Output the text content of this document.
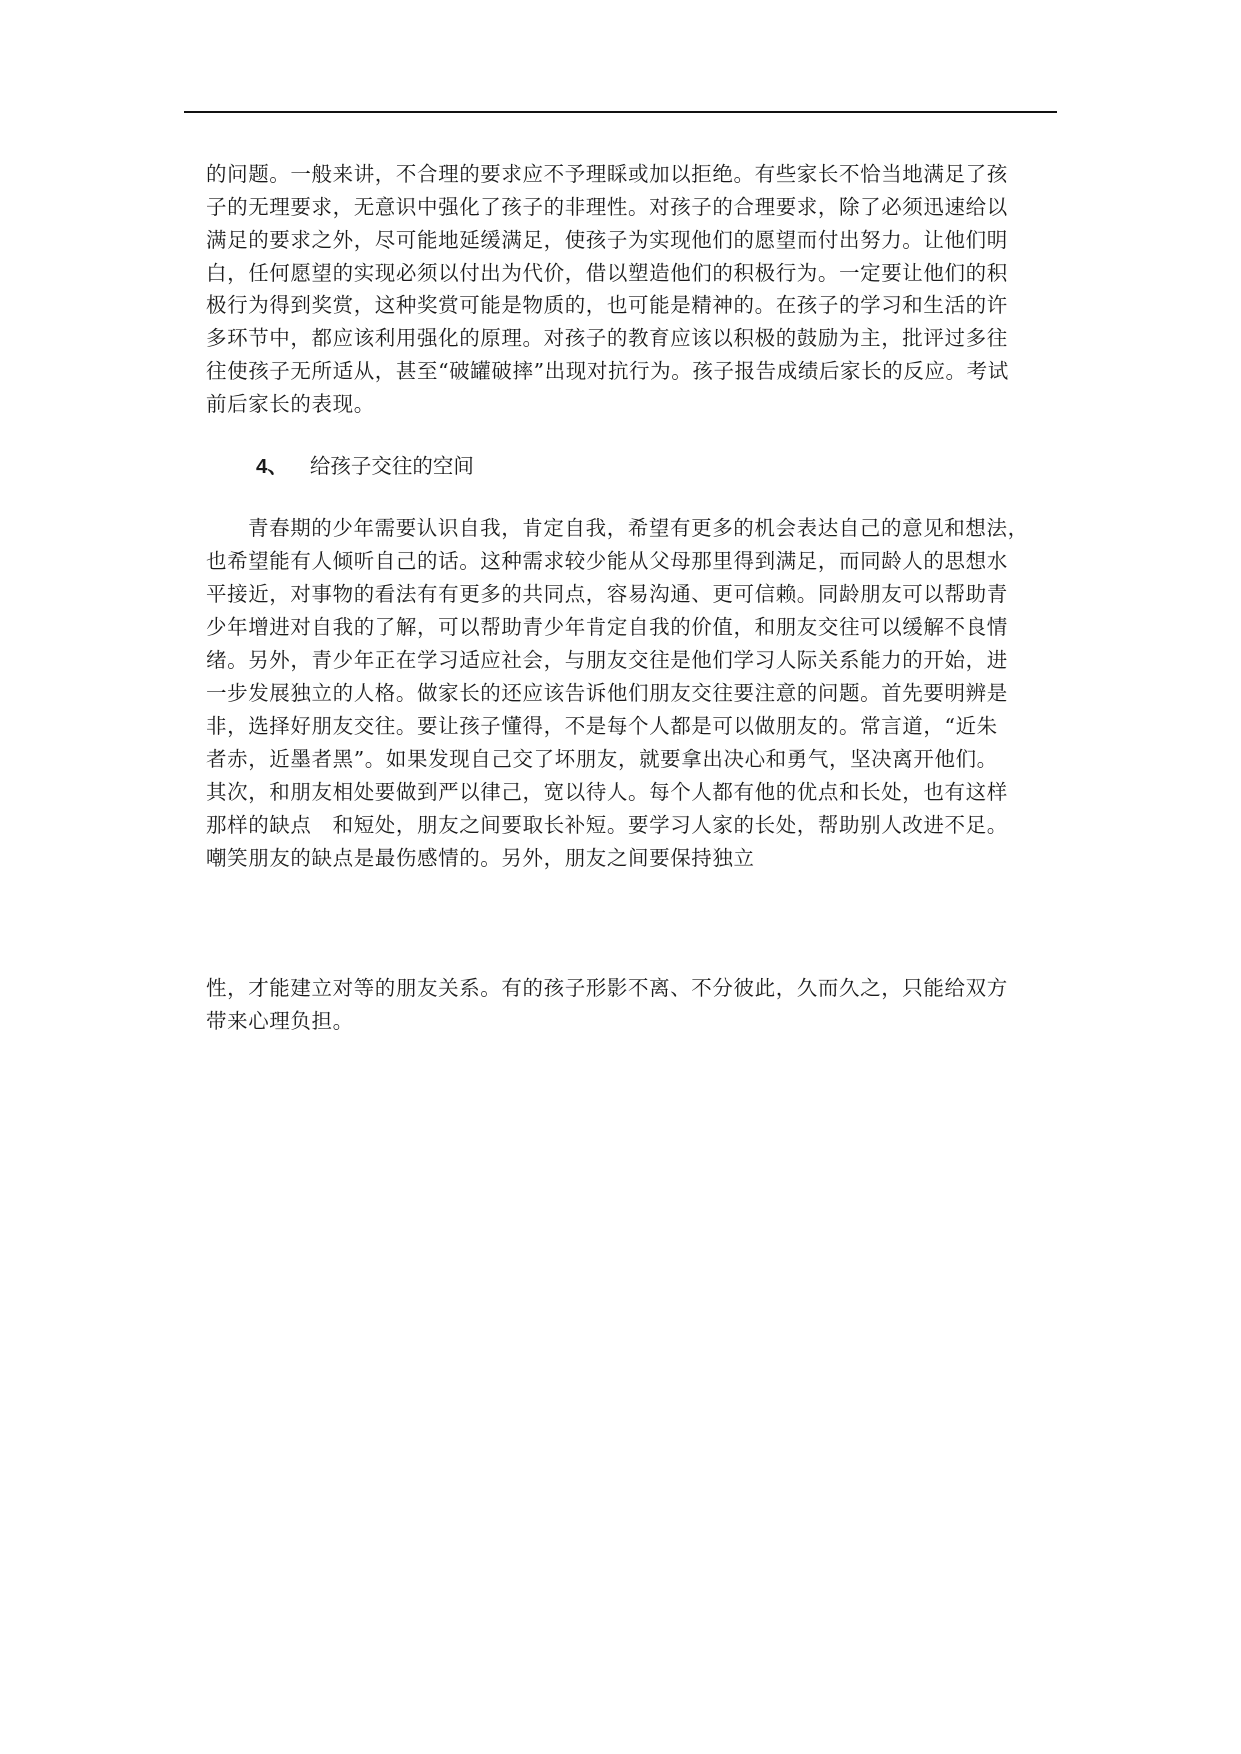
的问题。一般来讲，不合理的要求应不予理睬或加以拒绝。有些家长不恰当地满足了孩
子的无理要求，无意识中强化了孩子的非理性。对孩子的合理要求，除了必须迅速给以
满足的要求之外，尽可能地延缓满足，使孩子为实现他们的愿望而付出努力。让他们明
白，任何愿望的实现必须以付出为代价，借以塑造他们的积极行为。一定要让他们的积
极行为得到奖赏，这种奖赏可能是物质的，也可能是精神的。在孩子的学习和生活的许
多环节中，都应该利用强化的原理。对孩子的教育应该以积极的鼓励为主，批评过多往
往使孩子无所适从，甚至“破罐破摔”出现对抗行为。孩子报告成绩后家长的反应。考试
前后家长的表现。
4、 给孩子交往的空间
青春期的少年需要认识自我，肯定自我，希望有更多的机会表达自己的意见和想法，
也希望能有人倾听自己的话。这种需求较少能从父母那里得到满足，而同龄人的思想水
平接近，对事物的看法有有更多的共同点，容易沟通、更可信赖。同龄朋友可以帮助青
少年增进对自我的了解，可以帮助青少年肯定自我的价值，和朋友交往可以缓解不良情
绪。另外，青少年正在学习适应社会，与朋友交往是他们学习人际关系能力的开始，进
一步发展独立的人格。做家长的还应该告诉他们朋友交往要注意的问题。首先要明辨是
非，选择好朋友交往。要让孩子懂得，不是每个人都是可以做朋友的。常言道，“近朱
者赤，近墨者黑”。如果发现自己交了坏朋友，就要拿出决心和勇气，坚决离开他们。
其次，和朋友相处要做到严以律己，宽以待人。每个人都有他的优点和长处，也有这样
那样的缺点　和短处，朋友之间要取长补短。要学习人家的长处，帮助别人改进不足。
嘲笑朋友的缺点是最伤感情的。另外，朋友之间要保持独立
性，才能建立对等的朋友关系。有的孩子形影不离、不分彼此，久而久之，只能给双方
带来心理负担。
